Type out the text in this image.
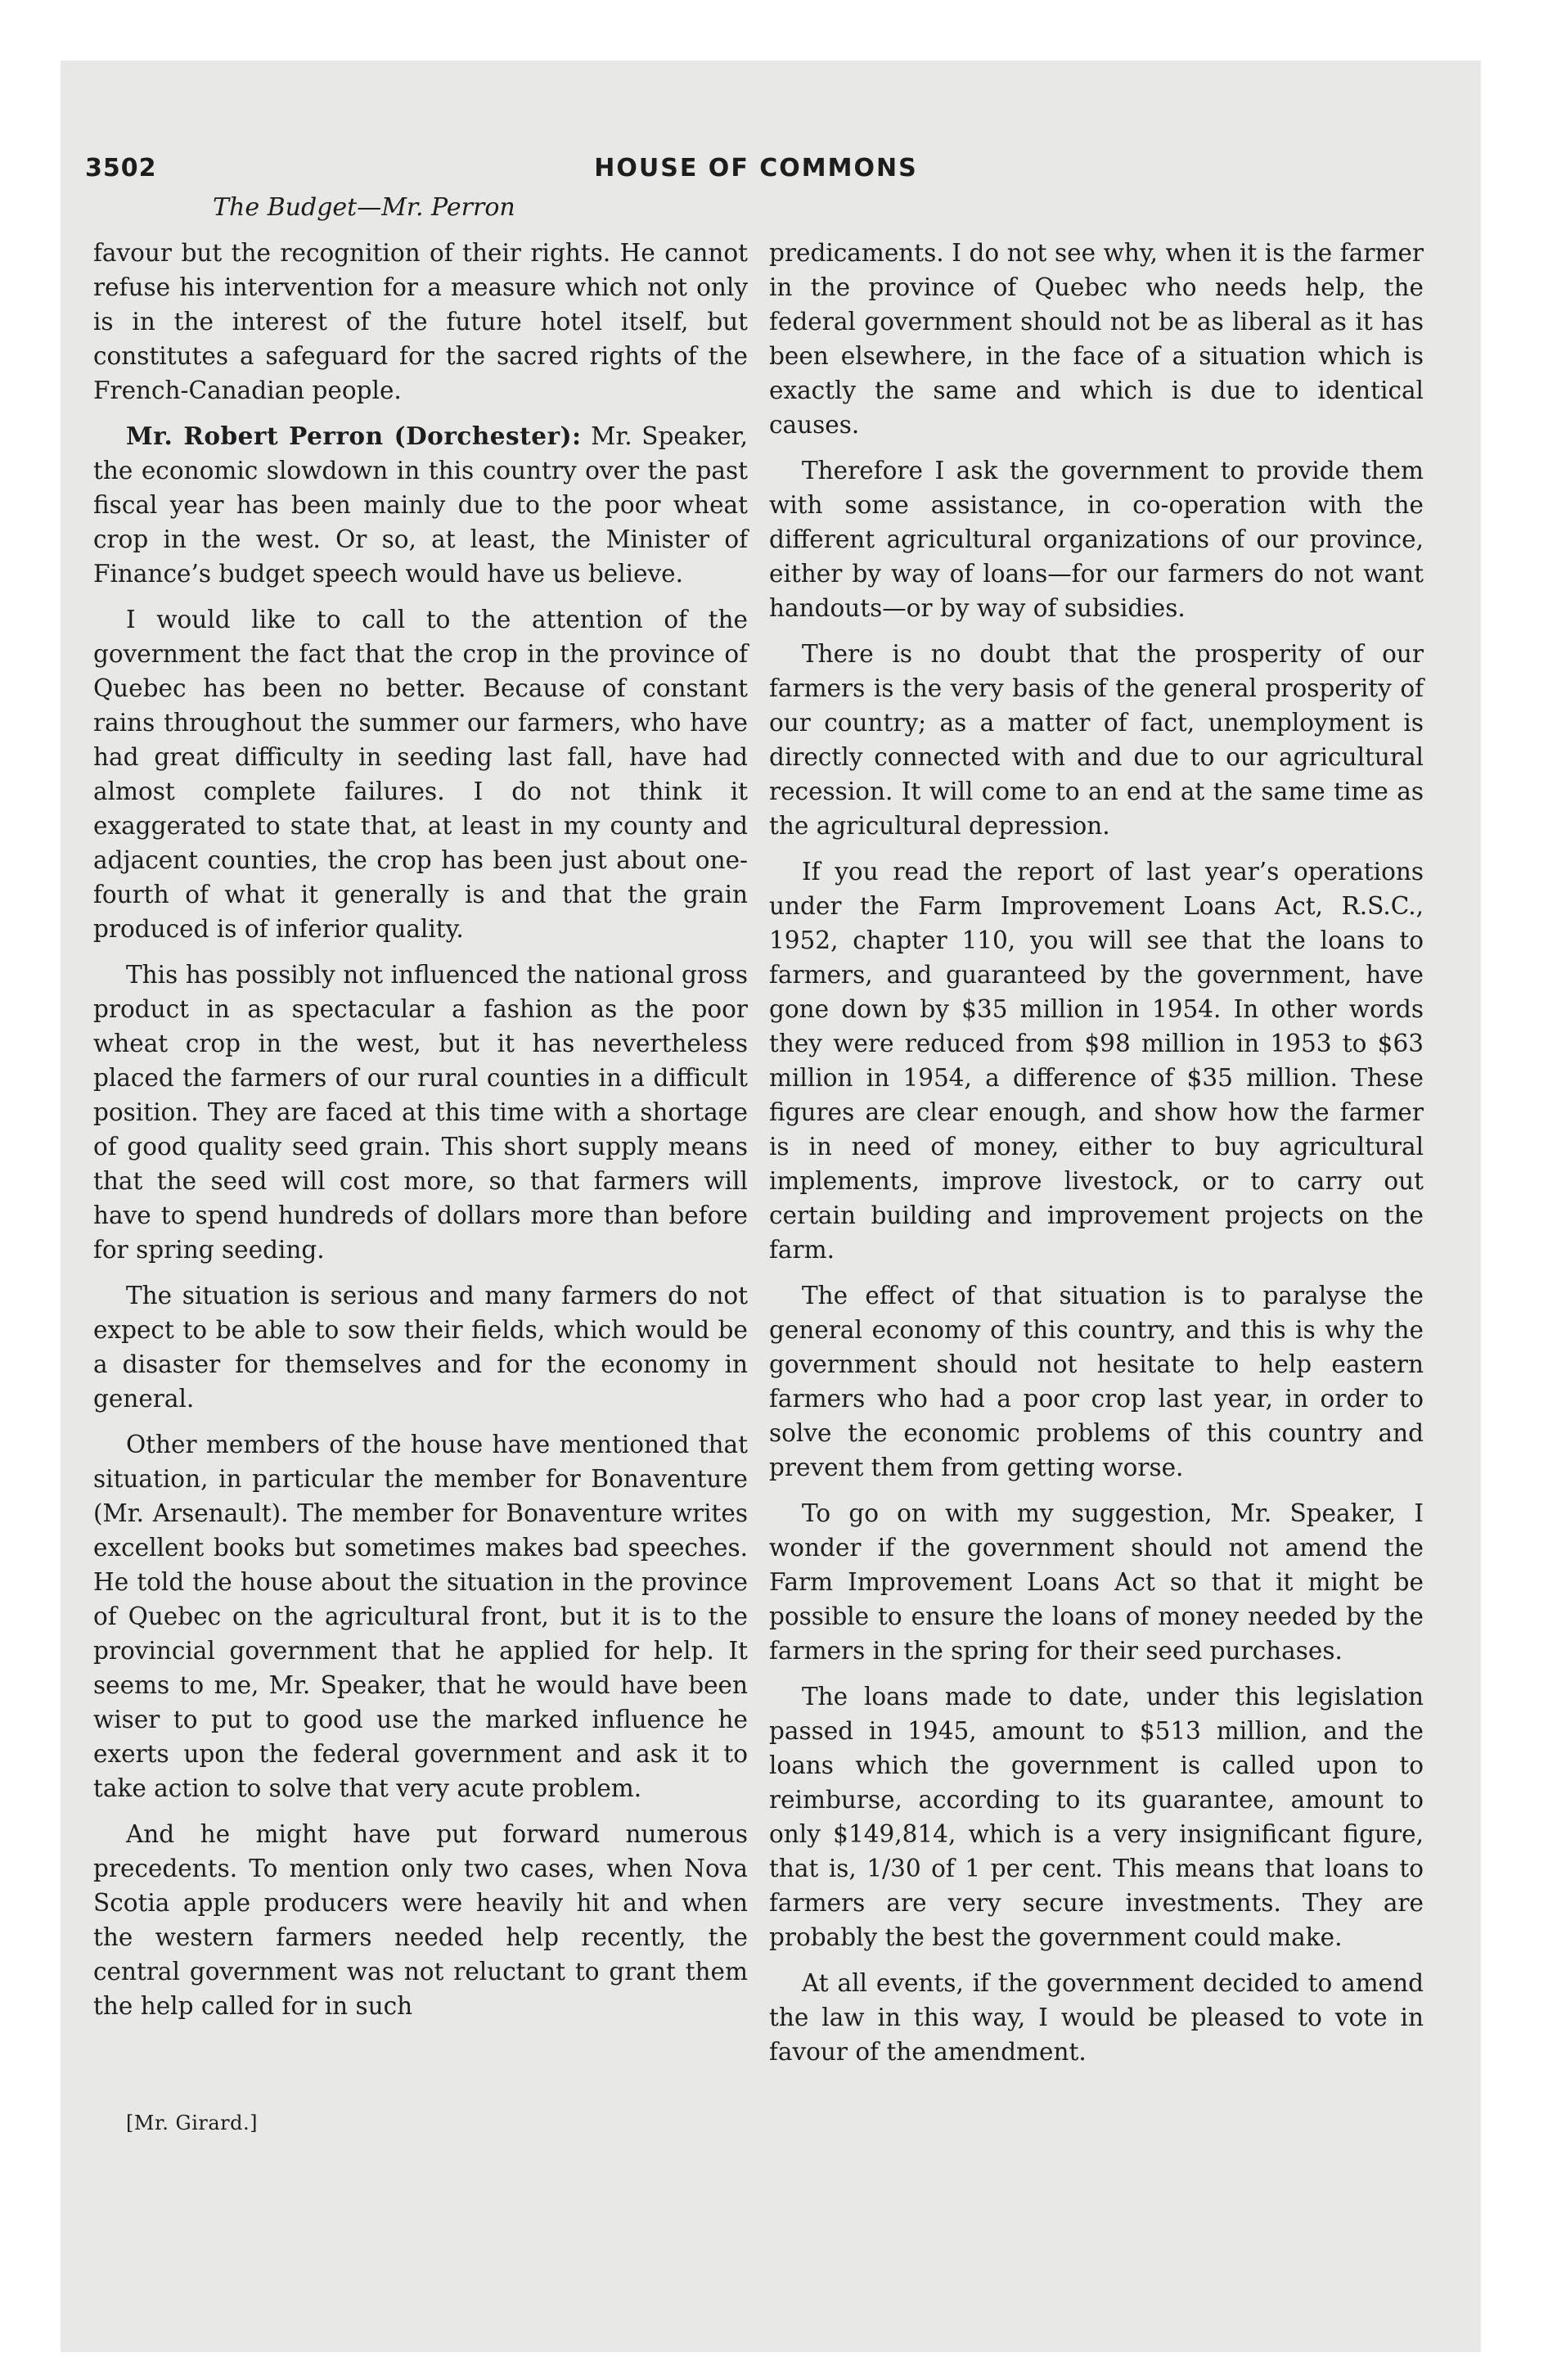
3502	HOUSE OF COMMONS
The Budget—Mr. Perron

favour but the recognition of their rights. He cannot refuse his intervention for a measure which not only is in the interest of the future hotel itself, but constitutes a safeguard for the sacred rights of the French-Canadian people.

Mr. Robert Perron (Dorchester): Mr. Speaker, the economic slowdown in this country over the past fiscal year has been mainly due to the poor wheat crop in the west. Or so, at least, the Minister of Finance’s budget speech would have us believe.

I would like to call to the attention of the government the fact that the crop in the province of Quebec has been no better. Because of constant rains throughout the summer our farmers, who have had great difficulty in seeding last fall, have had almost complete failures. I do not think it exaggerated to state that, at least in my county and adjacent counties, the crop has been just about one-fourth of what it generally is and that the grain produced is of inferior quality.

This has possibly not influenced the national gross product in as spectacular a fashion as the poor wheat crop in the west, but it has nevertheless placed the farmers of our rural counties in a difficult position. They are faced at this time with a shortage of good quality seed grain. This short supply means that the seed will cost more, so that farmers will have to spend hundreds of dollars more than before for spring seeding.

The situation is serious and many farmers do not expect to be able to sow their fields, which would be a disaster for themselves and for the economy in general.

Other members of the house have mentioned that situation, in particular the member for Bonaventure (Mr. Arsenault). The member for Bonaventure writes excellent books but sometimes makes bad speeches. He told the house about the situation in the province of Quebec on the agricultural front, but it is to the provincial government that he applied for help. It seems to me, Mr. Speaker, that he would have been wiser to put to good use the marked influence he exerts upon the federal government and ask it to take action to solve that very acute problem.

And he might have put forward numerous precedents. To mention only two cases, when Nova Scotia apple producers were heavily hit and when the western farmers needed help recently, the central government was not reluctant to grant them the help called for in such

predicaments. I do not see why, when it is the farmer in the province of Quebec who needs help, the federal government should not be as liberal as it has been elsewhere, in the face of a situation which is exactly the same and which is due to identical causes.

Therefore I ask the government to provide them with some assistance, in co-operation with the different agricultural organizations of our province, either by way of loans—for our farmers do not want handouts—or by way of subsidies.

There is no doubt that the prosperity of our farmers is the very basis of the general prosperity of our country; as a matter of fact, unemployment is directly connected with and due to our agricultural recession. It will come to an end at the same time as the agricultural depression.

If you read the report of last year’s operations under the Farm Improvement Loans Act, R.S.C., 1952, chapter 110, you will see that the loans to farmers, and guaranteed by the government, have gone down by $35 million in 1954. In other words they were reduced from $98 million in 1953 to $63 million in 1954, a difference of $35 million. These figures are clear enough, and show how the farmer is in need of money, either to buy agricultural implements, improve livestock, or to carry out certain building and improvement projects on the farm.

The effect of that situation is to paralyse the general economy of this country, and this is why the government should not hesitate to help eastern farmers who had a poor crop last year, in order to solve the economic problems of this country and prevent them from getting worse.

To go on with my suggestion, Mr. Speaker, I wonder if the government should not amend the Farm Improvement Loans Act so that it might be possible to ensure the loans of money needed by the farmers in the spring for their seed purchases.

The loans made to date, under this legislation passed in 1945, amount to $513 million, and the loans which the government is called upon to reimburse, according to its guarantee, amount to only $149,814, which is a very insignificant figure, that is, 1/30 of 1 per cent. This means that loans to farmers are very secure investments. They are probably the best the government could make.

At all events, if the government decided to amend the law in this way, I would be pleased to vote in favour of the amendment.

[Mr. Girard.]
